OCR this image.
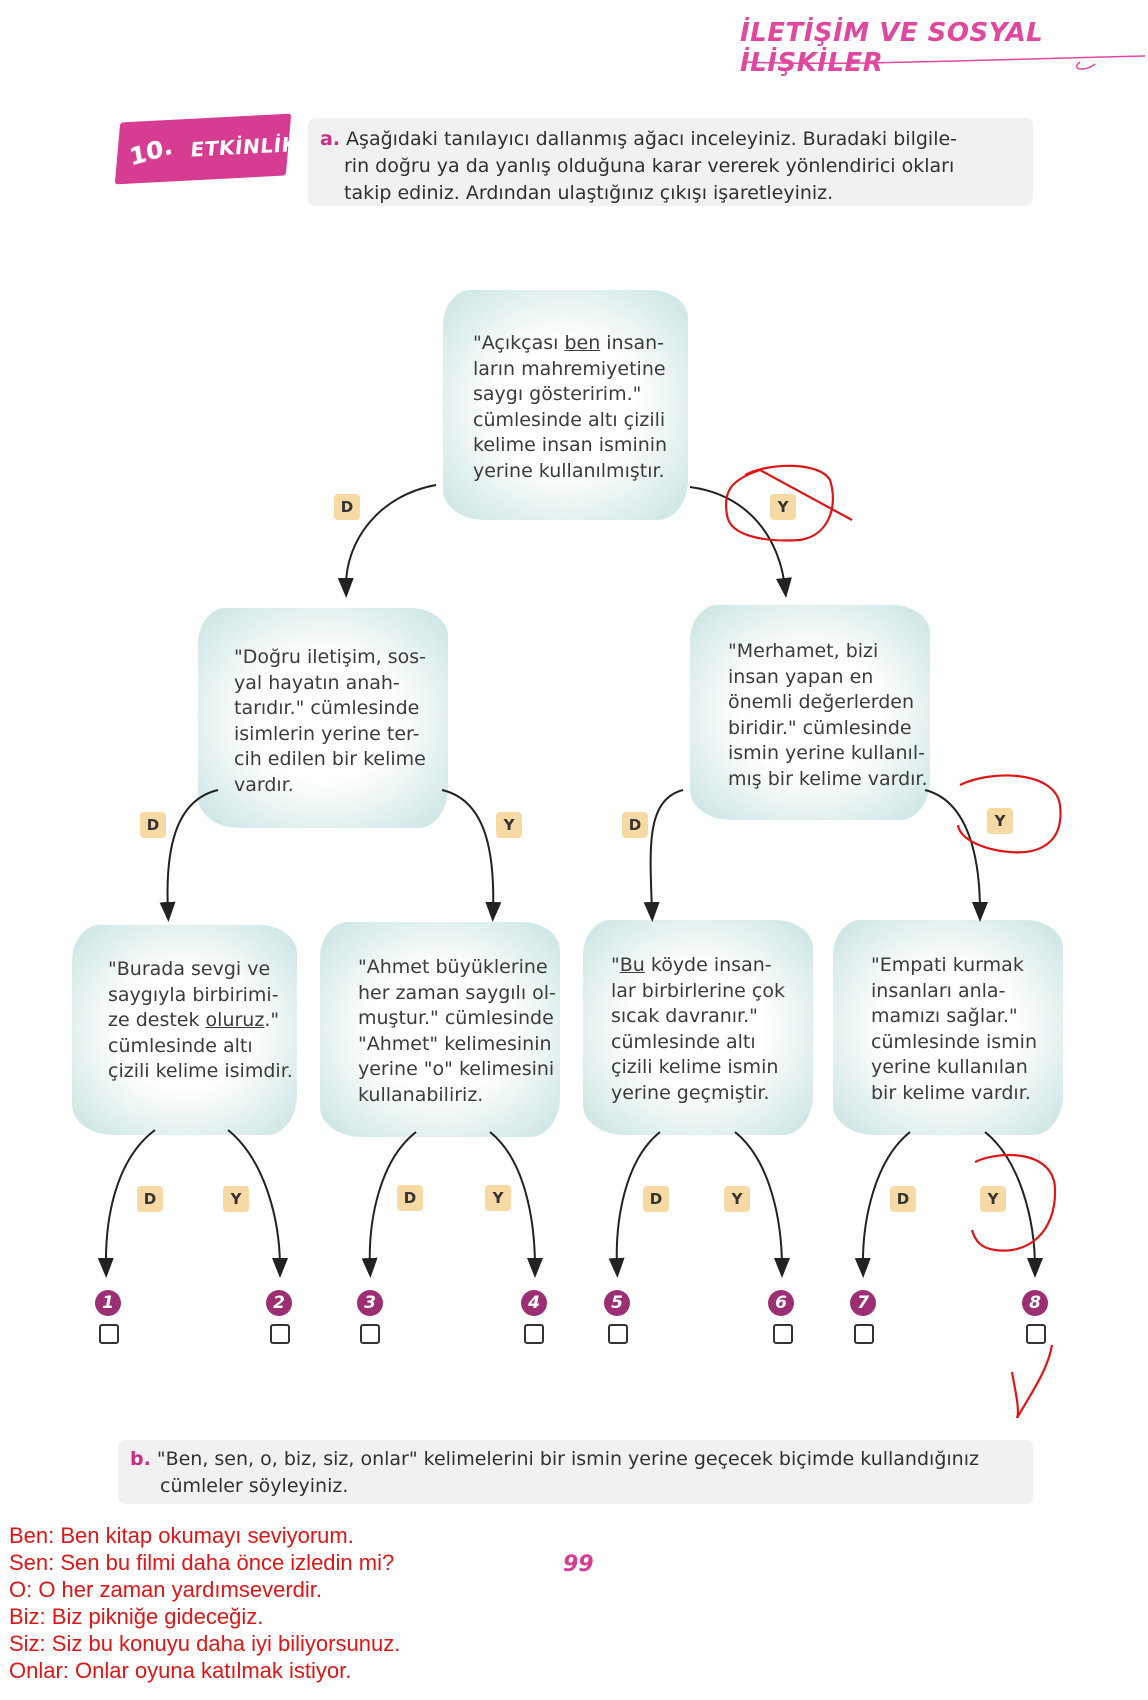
İLETİŞİM VE SOSYAL İLİŞKİLER
10. ETKİNLİK a. Aşağıdaki tanılayıcı dallanmış ağacı inceleyiniz. Buradaki bilgile-
rin doğru ya da yanlış olduğuna karar vererek yönlendirici okları
takip ediniz. Ardından ulaştığınız çıkışı işaretleyiniz.
"Açıkçası ben insan-
ların mahremiyetine
saygı gösteririm."
cümlesinde altı çizili
kelime insan isminin
yerine kullanılmıştır.
"Doğru iletişim, sos-
yal hayatın anah-
tarıdır." cümlesinde
isimlerin yerine ter-
cih edilen bir kelime
vardır.
"Merhamet, bizi
insan yapan en
önemli değerlerden
biridir." cümlesinde
ismin yerine kullanıl-
mış bir kelime vardır.
"Burada sevgi ve
saygıyla birbirimi-
ze destek oluruz."
cümlesinde altı
çizili kelime isimdir.
"Ahmet büyüklerine
her zaman saygılı ol-
muştur." cümlesinde
"Ahmet" kelimesinin
yerine "o" kelimesini
kullanabiliriz.
"Bu köyde insan-
lar birbirlerine çok
sıcak davranır."
cümlesinde altı
çizili kelime ismin
yerine geçmiştir.
"Empati kurmak
insanları anla-
mamızı sağlar."
cümlesinde ismin
yerine kullanılan
bir kelime vardır.
D	Y
D	Y	D	Y
D	Y	D	Y	D	Y	D	Y
1	2	3	4	5	6	7	8
b. "Ben, sen, o, biz, siz, onlar" kelimelerini bir ismin yerine geçecek biçimde kullandığınız
cümleler söyleyiniz.
Ben: Ben kitap okumayı seviyorum.
Sen: Sen bu filmi daha önce izledin mi?
O: O her zaman yardımseverdir.
Biz: Biz pikniğe gideceğiz.
Siz: Siz bu konuyu daha iyi biliyorsunuz.
Onlar: Onlar oyuna katılmak istiyor.
99
